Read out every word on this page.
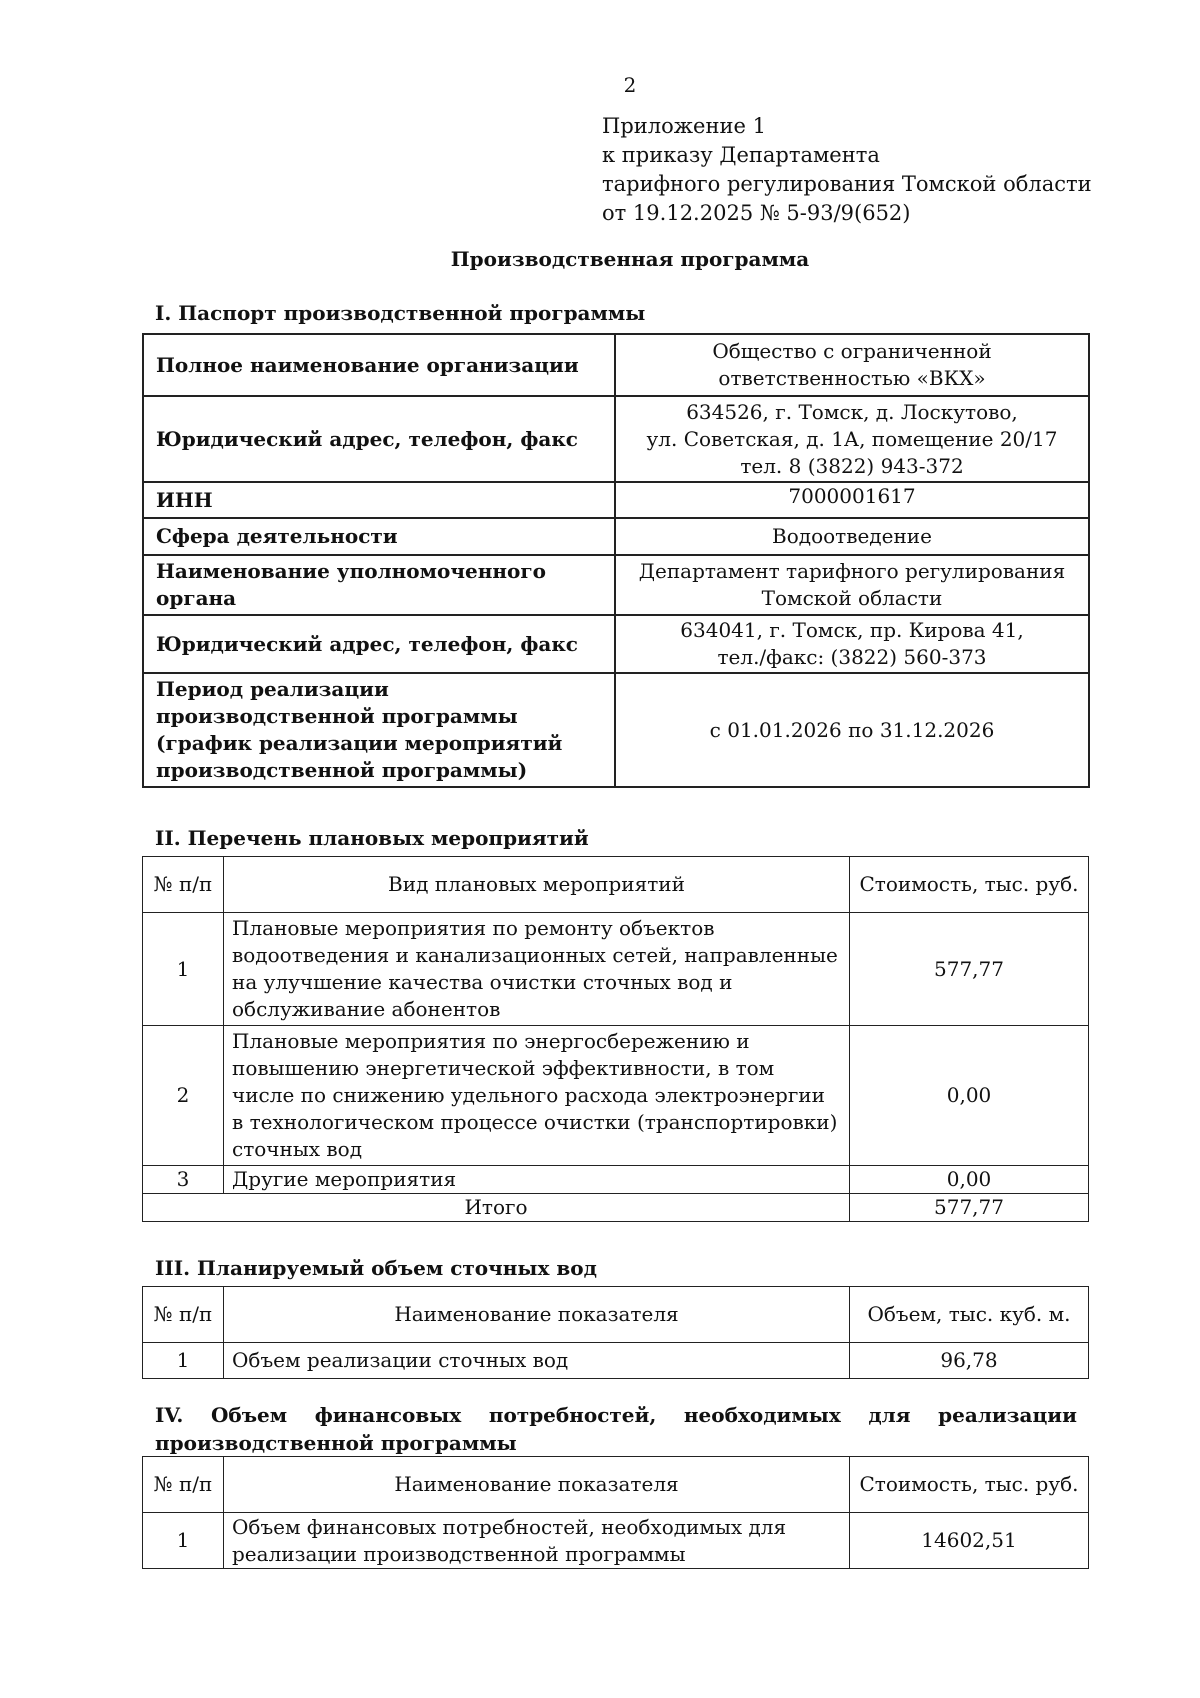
2
Приложение 1
к приказу Департамента
тарифного регулирования Томской области
от 19.12.2025 № 5-93/9(652)
Производственная программа
I. Паспорт производственной программы
Полное наименование организации	Общество с ограниченной
ответственностью «ВКХ»

Юридический адрес, телефон, факс	634526, г. Томск, д. Лоскутово,
ул. Советская, д. 1А, помещение 20/17
тел. 8 (3822) 943-372

ИНН	7000001617

Сфера деятельности	Водоотведение

Наименование уполномоченного органа	Департамент тарифного регулирования
Томской области

Юридический адрес, телефон, факс	634041, г. Томск, пр. Кирова 41,
тел./факс: (3822) 560-373

Период реализации производственной программы (график реализации мероприятий производственной программы)	с 01.01.2026 по 31.12.2026
II. Перечень плановых мероприятий
№ п/п	Вид плановых мероприятий	Стоимость, тыс. руб.
1	Плановые мероприятия по ремонту объектов водоотведения и канализационных сетей, направленные на улучшение качества очистки сточных вод и обслуживание абонентов	577,77
2	Плановые мероприятия по энергосбережению и повышению энергетической эффективности, в том числе по снижению удельного расхода электроэнергии в технологическом процессе очистки (транспортировки) сточных вод	0,00
3	Другие мероприятия	0,00
Итого		577,77
III. Планируемый объем сточных вод
№ п/п	Наименование показателя	Объем, тыс. куб. м.
1	Объем реализации сточных вод	96,78
IV. Объем финансовых потребностей, необходимых для реализации
производственной программы
№ п/п	Наименование показателя	Стоимость, тыс. руб.
1	Объем финансовых потребностей, необходимых для реализации производственной программы	14602,51
